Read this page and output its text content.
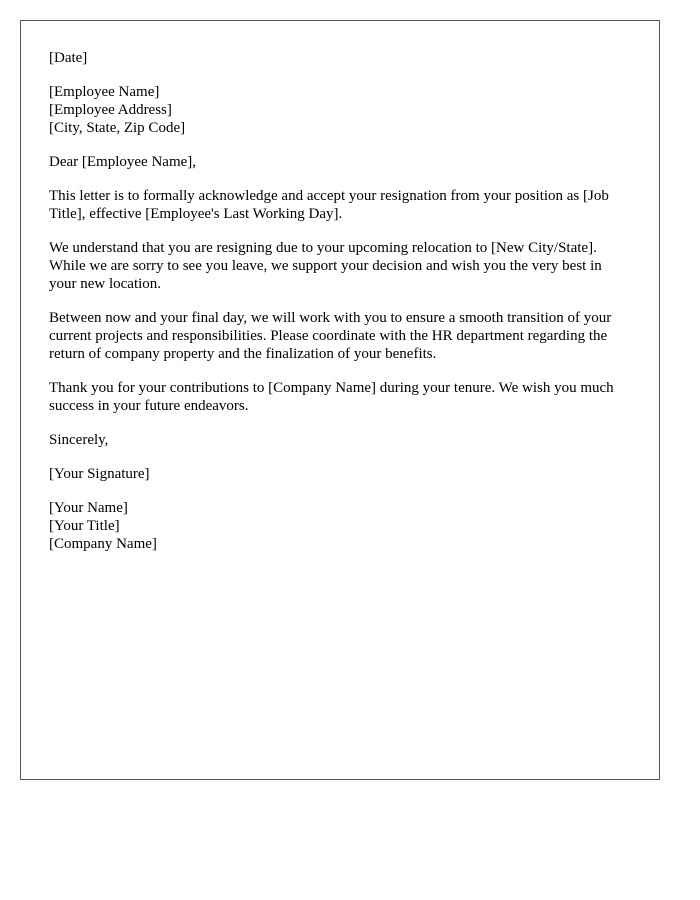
[Date]
[Employee Name]
[Employee Address]
[City, State, Zip Code]
Dear [Employee Name],

This letter is to formally acknowledge and accept your resignation from your position as [Job Title], effective [Employee's Last Working Day].

We understand that you are resigning due to your upcoming relocation to [New City/State]. While we are sorry to see you leave, we support your decision and wish you the very best in your new location.

Between now and your final day, we will work with you to ensure a smooth transition of your current projects and responsibilities. Please coordinate with the HR department regarding the return of company property and the finalization of your benefits.

Thank you for your contributions to [Company Name] during your tenure. We wish you much success in your future endeavors.

Sincerely,
[Your Signature]
[Your Name]
[Your Title]
[Company Name]
